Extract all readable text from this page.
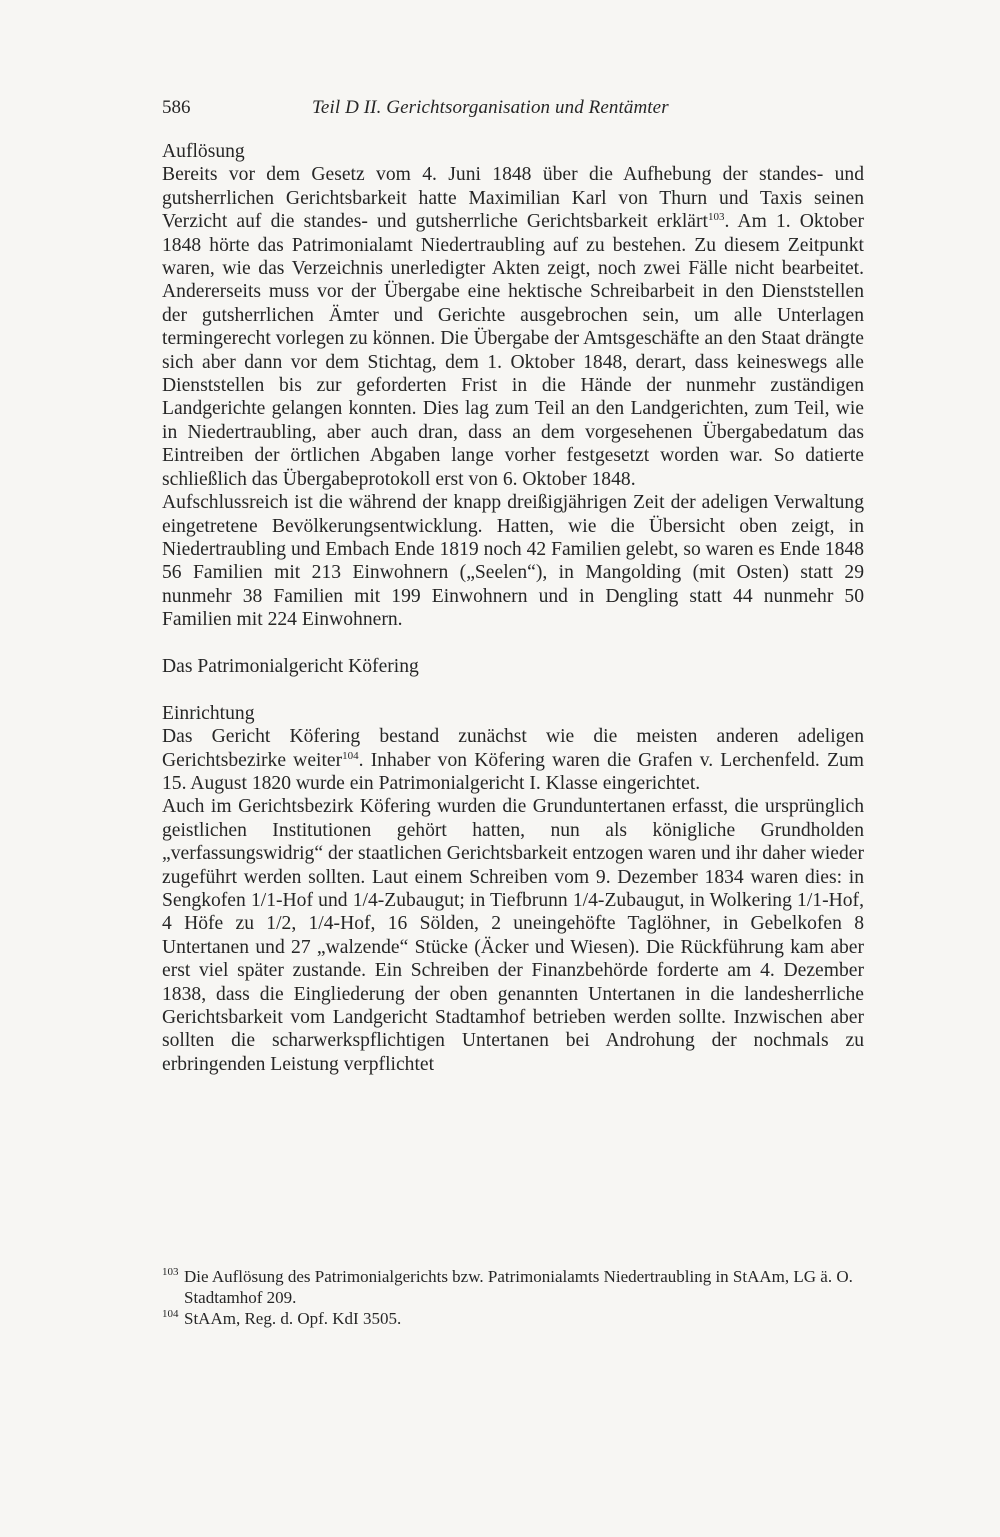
586	Teil D II. Gerichtsorganisation und Rentämter
Auflösung

Bereits vor dem Gesetz vom 4. Juni 1848 über die Aufhebung der standes- und gutsherrlichen Gerichtsbarkeit hatte Maximilian Karl von Thurn und Taxis seinen Verzicht auf die standes- und gutsherrliche Gerichtsbarkeit erklärt$^{103}$. Am 1. Oktober 1848 hörte das Patrimonialamt Niedertraubling auf zu bestehen. Zu diesem Zeitpunkt waren, wie das Verzeichnis unerledigter Akten zeigt, noch zwei Fälle nicht bearbeitet. Andererseits muss vor der Übergabe eine hektische Schreibarbeit in den Dienststellen der gutsherrlichen Ämter und Gerichte ausgebrochen sein, um alle Unterlagen termingerecht vorlegen zu können. Die Übergabe der Amtsgeschäfte an den Staat drängte sich aber dann vor dem Stichtag, dem 1. Oktober 1848, derart, dass keineswegs alle Dienststellen bis zur geforderten Frist in die Hände der nunmehr zuständigen Landgerichte gelangen konnten. Dies lag zum Teil an den Landgerichten, zum Teil, wie in Niedertraubling, aber auch dran, dass an dem vorgesehenen Übergabedatum das Eintreiben der örtlichen Abgaben lange vorher festgesetzt worden war. So datierte schließlich das Übergabeprotokoll erst von 6. Oktober 1848.

Aufschlussreich ist die während der knapp dreißigjährigen Zeit der adeligen Verwaltung eingetretene Bevölkerungsentwicklung. Hatten, wie die Übersicht oben zeigt, in Niedertraubling und Embach Ende 1819 noch 42 Familien gelebt, so waren es Ende 1848 56 Familien mit 213 Einwohnern („Seelen“), in Mangolding (mit Osten) statt 29 nunmehr 38 Familien mit 199 Einwohnern und in Dengling statt 44 nunmehr 50 Familien mit 224 Einwohnern.

Das Patrimonialgericht Köfering
Einrichtung

Das Gericht Köfering bestand zunächst wie die meisten anderen adeligen Gerichtsbezirke weiter$^{104}$. Inhaber von Köfering waren die Grafen v. Lerchenfeld. Zum 15. August 1820 wurde ein Patrimonialgericht I. Klasse eingerichtet.

Auch im Gerichtsbezirk Köfering wurden die Grunduntertanen erfasst, die ursprünglich geistlichen Institutionen gehört hatten, nun als königliche Grundholden „verfassungswidrig“ der staatlichen Gerichtsbarkeit entzogen waren und ihr daher wieder zugeführt werden sollten. Laut einem Schreiben vom 9. Dezember 1834 waren dies: in Sengkofen 1/1-Hof und 1/4-Zubaugut; in Tiefbrunn 1/4-Zubaugut, in Wolkering 1/1-Hof, 4 Höfe zu 1/2, 1/4-Hof, 16 Sölden, 2 uneingehöfte Taglöhner, in Gebelkofen 8 Untertanen und 27 „walzende“ Stücke (Äcker und Wiesen). Die Rückführung kam aber erst viel später zustande. Ein Schreiben der Finanzbehörde forderte am 4. Dezember 1838, dass die Eingliederung der oben genannten Untertanen in die landesherrliche Gerichtsbarkeit vom Landgericht Stadtamhof betrieben werden sollte. Inzwischen aber sollten die scharwerkspflichtigen Untertanen bei Androhung der nochmals zu erbringenden Leistung verpflichtet

103 Die Auflösung des Patrimonialgerichts bzw. Patrimonialamts Niedertraubling in StAAm, LG ä. O. Stadtamhof 209.
104 StAAm, Reg. d. Opf. KdI 3505.
